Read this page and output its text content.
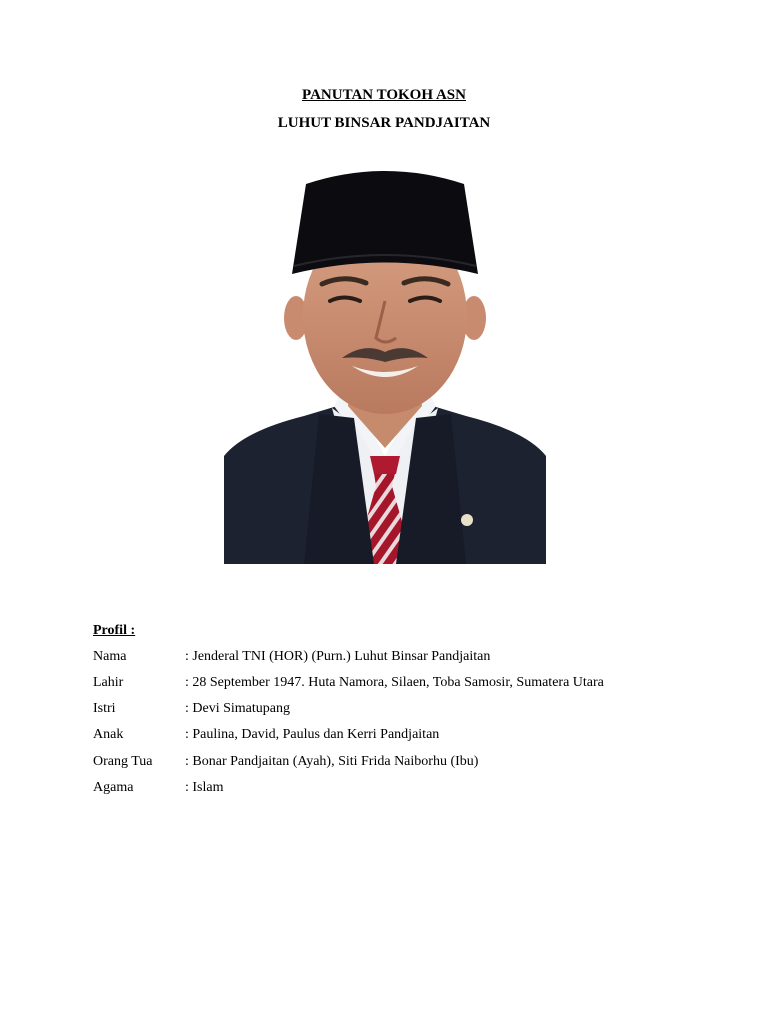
PANUTAN TOKOH ASN
LUHUT BINSAR PANDJAITAN
Profil :
Nama	: Jenderal TNI (HOR) (Purn.) Luhut Binsar Pandjaitan
Lahir	: 28 September 1947. Huta Namora, Silaen, Toba Samosir, Sumatera Utara
Istri	: Devi Simatupang
Anak	: Paulina, David, Paulus dan Kerri Pandjaitan
Orang Tua	: Bonar Pandjaitan (Ayah), Siti Frida Naiborhu (Ibu)
Agama	: Islam
